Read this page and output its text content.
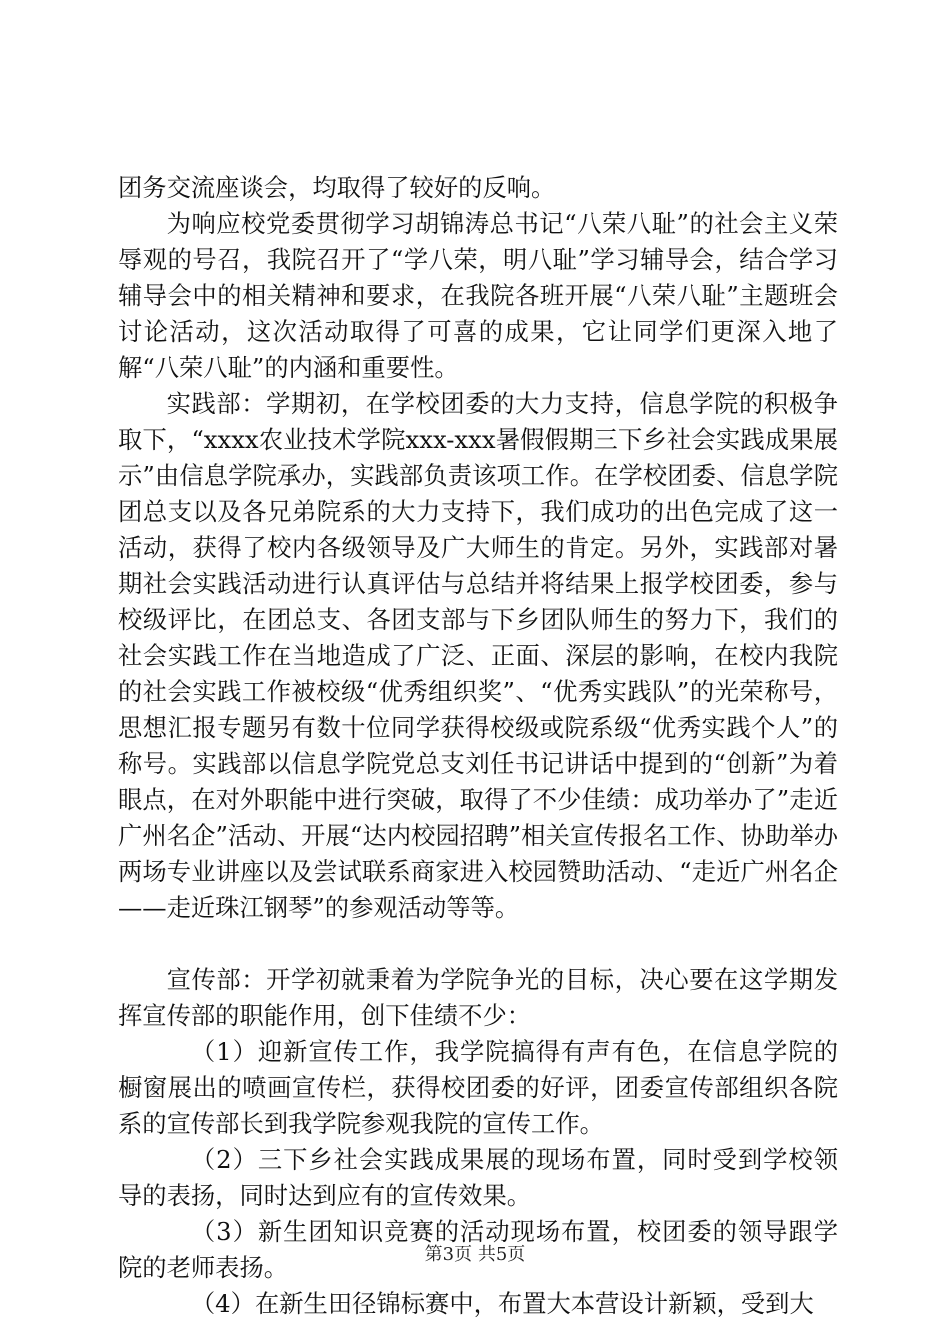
团务交流座谈会，均取得了较好的反响。

为响应校党委贯彻学习胡锦涛总书记“八荣八耻”的社会主义荣辱观的号召，我院召开了“学八荣，明八耻”学习辅导会，结合学习辅导会中的相关精神和要求，在我院各班开展“八荣八耻”主题班会讨论活动，这次活动取得了可喜的成果，它让同学们更深入地了解“八荣八耻”的内涵和重要性。

实践部：学期初，在学校团委的大力支持，信息学院的积极争取下，“xxxx农业技术学院xxx-xxx暑假假期三下乡社会实践成果展示”由信息学院承办，实践部负责该项工作。在学校团委、信息学院团总支以及各兄弟院系的大力支持下，我们成功的出色完成了这一活动，获得了校内各级领导及广大师生的肯定。另外，实践部对暑期社会实践活动进行认真评估与总结并将结果上报学校团委，参与校级评比，在团总支、各团支部与下乡团队师生的努力下，我们的社会实践工作在当地造成了广泛、正面、深层的影响，在校内我院的社会实践工作被校级“优秀组织奖”、“优秀实践队”的光荣称号，思想汇报专题另有数十位同学获得校级或院系级“优秀实践个人”的称号。实践部以信息学院党总支刘任书记讲话中提到的“创新”为着眼点，在对外职能中进行突破，取得了不少佳绩：成功举办了”走近广州名企”活动、开展“达内校园招聘”相关宣传报名工作、协助举办两场专业讲座以及尝试联系商家进入校园赞助活动、“走近广州名企——走近珠江钢琴”的参观活动等等。

宣传部：开学初就秉着为学院争光的目标，决心要在这学期发挥宣传部的职能作用，创下佳绩不少：

（1）迎新宣传工作，我学院搞得有声有色，在信息学院的橱窗展出的喷画宣传栏，获得校团委的好评，团委宣传部组织各院系的宣传部长到我学院参观我院的宣传工作。

（2）三下乡社会实践成果展的现场布置，同时受到学校领导的表扬，同时达到应有的宣传效果。

（3）新生团知识竞赛的活动现场布置，校团委的领导跟学院的老师表扬。

（4）在新生田径锦标赛中，布置大本营设计新颖，受到大

第3页 共5页
